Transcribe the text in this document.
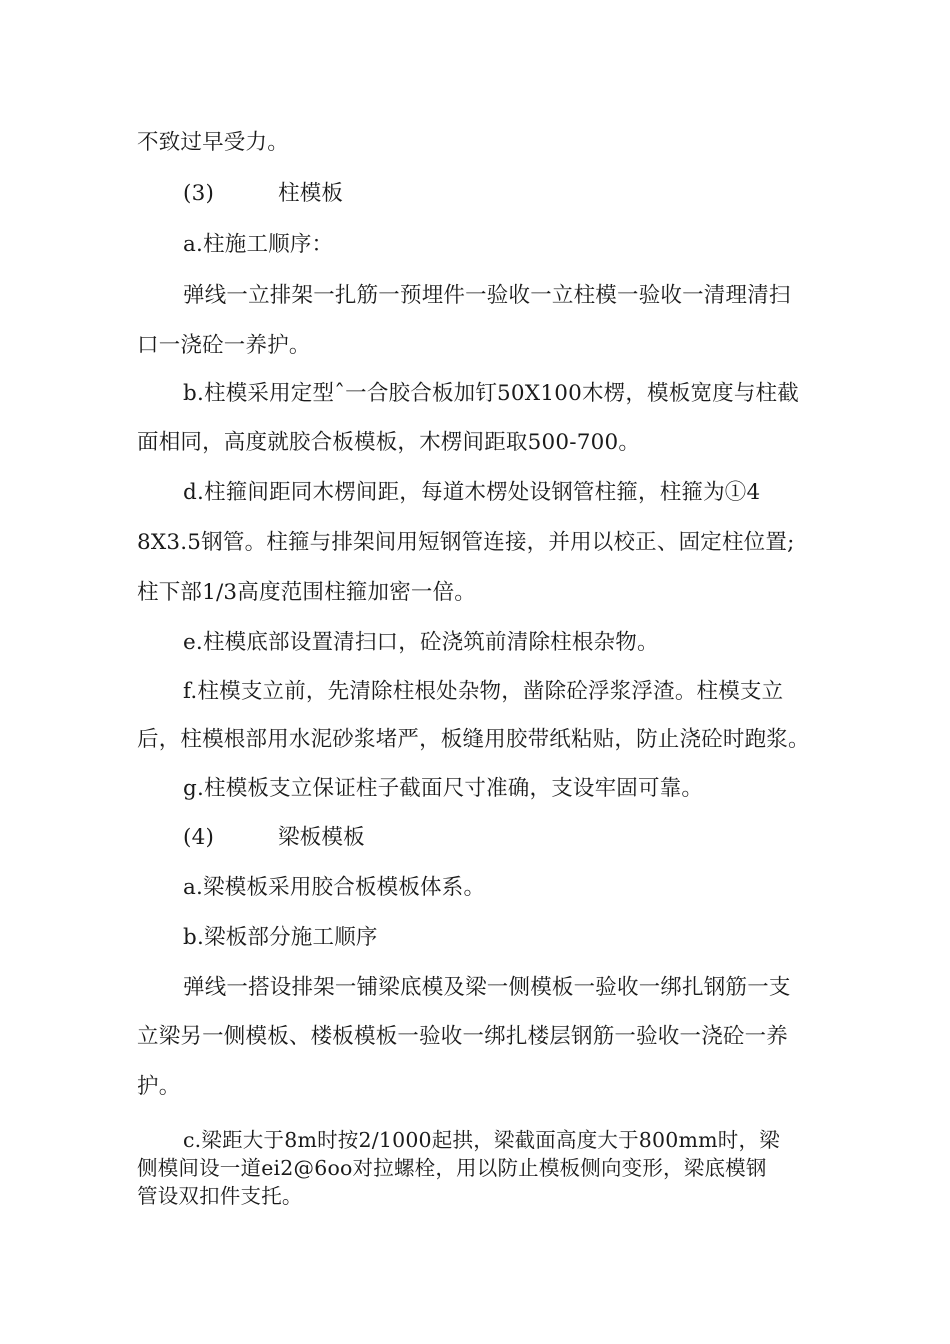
不致过早受力。
(3)	柱模板
a.柱施工顺序：
弹线一立排架一扎筋一预埋件一验收一立柱模一验收一清理清扫
口一浇砼一养护。
b.柱模采用定型ˆ一合胶合板加钉50X100木楞，模板宽度与柱截
面相同，高度就胶合板模板，木楞间距取500-700。
d.柱箍间距同木楞间距，每道木楞处设钢管柱箍，柱箍为①4
8X3.5钢管。柱箍与排架间用短钢管连接，并用以校正、固定柱位置;
柱下部1/3高度范围柱箍加密一倍。
e.柱模底部设置清扫口，砼浇筑前清除柱根杂物。
f.柱模支立前，先清除柱根处杂物，凿除砼浮浆浮渣。柱模支立
后，柱模根部用水泥砂浆堵严，板缝用胶带纸粘贴，防止浇砼时跑浆。
g.柱模板支立保证柱子截面尺寸准确，支设牢固可靠。
(4)	梁板模板
a.梁模板采用胶合板模板体系。
b.梁板部分施工顺序
弹线一搭设排架一铺梁底模及梁一侧模板一验收一绑扎钢筋一支
立梁另一侧模板、楼板模板一验收一绑扎楼层钢筋一验收一浇砼一养
护。
c.梁距大于8m时按2/1000起拱，梁截面高度大于800mm时，梁
侧模间设一道ei2@6oo对拉螺栓，用以防止模板侧向变形，梁底模钢
管设双扣件支托。
